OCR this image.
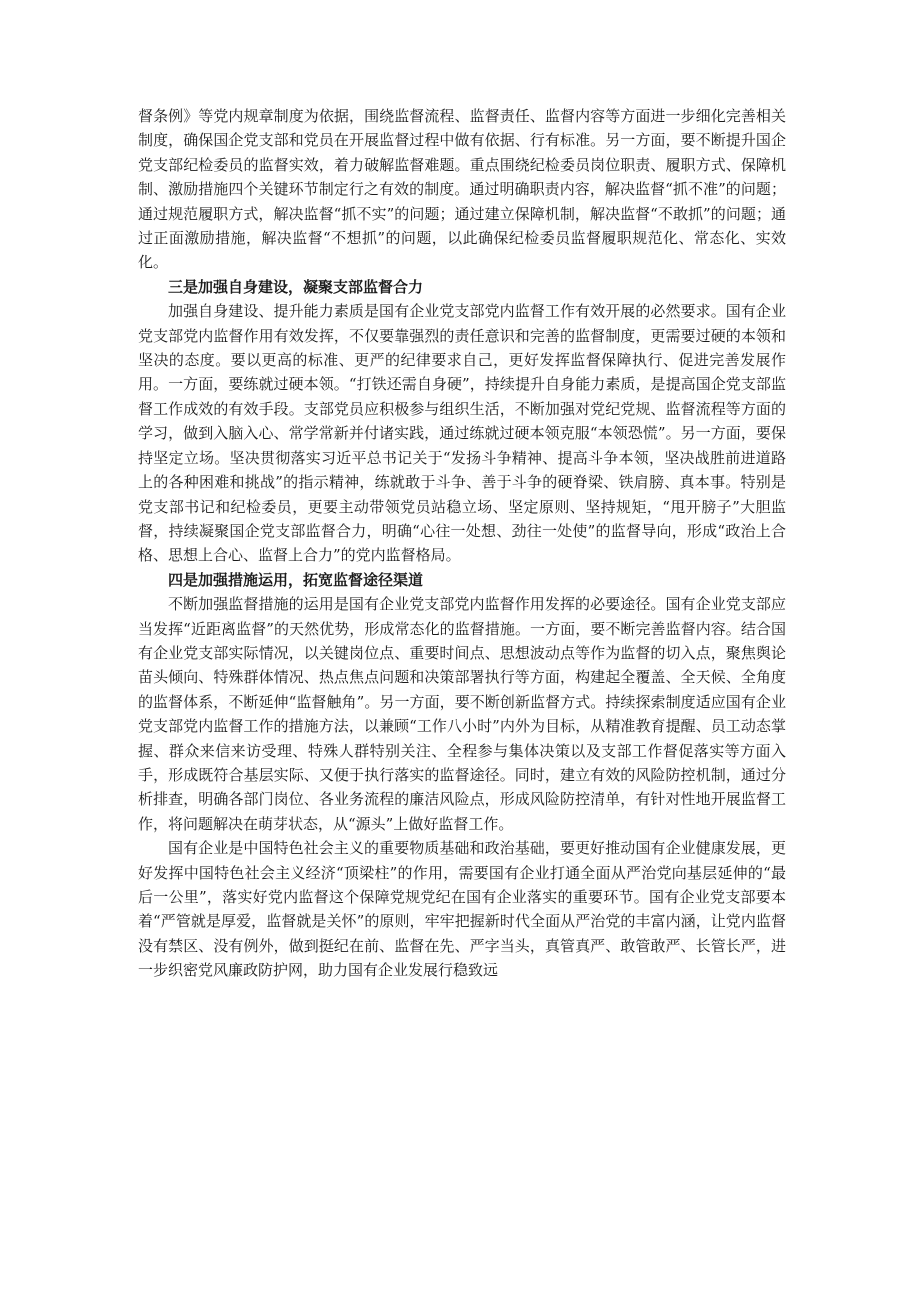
督条例》等党内规章制度为依据，围绕监督流程、监督责任、监督内容等方面进一步细化完善相关制度，确保国企党支部和党员在开展监督过程中做有依据、行有标准。另一方面，要不断提升国企党支部纪检委员的监督实效，着力破解监督难题。重点围绕纪检委员岗位职责、履职方式、保障机制、激励措施四个关键环节制定行之有效的制度。通过明确职责内容，解决监督“抓不准”的问题；通过规范履职方式，解决监督“抓不实”的问题；通过建立保障机制，解决监督“不敢抓”的问题；通过正面激励措施，解决监督“不想抓”的问题，以此确保纪检委员监督履职规范化、常态化、实效化。

三是加强自身建设，凝聚支部监督合力

加强自身建设、提升能力素质是国有企业党支部党内监督工作有效开展的必然要求。国有企业党支部党内监督作用有效发挥，不仅要靠强烈的责任意识和完善的监督制度，更需要过硬的本领和坚决的态度。要以更高的标准、更严的纪律要求自己，更好发挥监督保障执行、促进完善发展作用。一方面，要练就过硬本领。“打铁还需自身硬”，持续提升自身能力素质，是提高国企党支部监督工作成效的有效手段。支部党员应积极参与组织生活，不断加强对党纪党规、监督流程等方面的学习，做到入脑入心、常学常新并付诸实践，通过练就过硬本领克服“本领恐慌”。另一方面，要保持坚定立场。坚决贯彻落实习近平总书记关于“发扬斗争精神、提高斗争本领，坚决战胜前进道路上的各种困难和挑战”的指示精神，练就敢于斗争、善于斗争的硬脊梁、铁肩膀、真本事。特别是党支部书记和纪检委员，更要主动带领党员站稳立场、坚定原则、坚持规矩，“甩开膀子”大胆监督，持续凝聚国企党支部监督合力，明确“心往一处想、劲往一处使”的监督导向，形成“政治上合格、思想上合心、监督上合力”的党内监督格局。

四是加强措施运用，拓宽监督途径渠道

不断加强监督措施的运用是国有企业党支部党内监督作用发挥的必要途径。国有企业党支部应当发挥“近距离监督”的天然优势，形成常态化的监督措施。一方面，要不断完善监督内容。结合国有企业党支部实际情况，以关键岗位点、重要时间点、思想波动点等作为监督的切入点，聚焦舆论苗头倾向、特殊群体情况、热点焦点问题和决策部署执行等方面，构建起全覆盖、全天候、全角度的监督体系，不断延伸“监督触角”。另一方面，要不断创新监督方式。持续探索制度适应国有企业党支部党内监督工作的措施方法，以兼顾“工作八小时”内外为目标，从精准教育提醒、员工动态掌握、群众来信来访受理、特殊人群特别关注、全程参与集体决策以及支部工作督促落实等方面入手，形成既符合基层实际、又便于执行落实的监督途径。同时，建立有效的风险防控机制，通过分析排查，明确各部门岗位、各业务流程的廉洁风险点，形成风险防控清单，有针对性地开展监督工作，将问题解决在萌芽状态，从“源头”上做好监督工作。

国有企业是中国特色社会主义的重要物质基础和政治基础，要更好推动国有企业健康发展，更好发挥中国特色社会主义经济“顶梁柱”的作用，需要国有企业打通全面从严治党向基层延伸的“最后一公里”，落实好党内监督这个保障党规党纪在国有企业落实的重要环节。国有企业党支部要本着“严管就是厚爱，监督就是关怀”的原则，牢牢把握新时代全面从严治党的丰富内涵，让党内监督没有禁区、没有例外，做到挺纪在前、监督在先、严字当头，真管真严、敢管敢严、长管长严，进一步织密党风廉政防护网，助力国有企业发展行稳致远
